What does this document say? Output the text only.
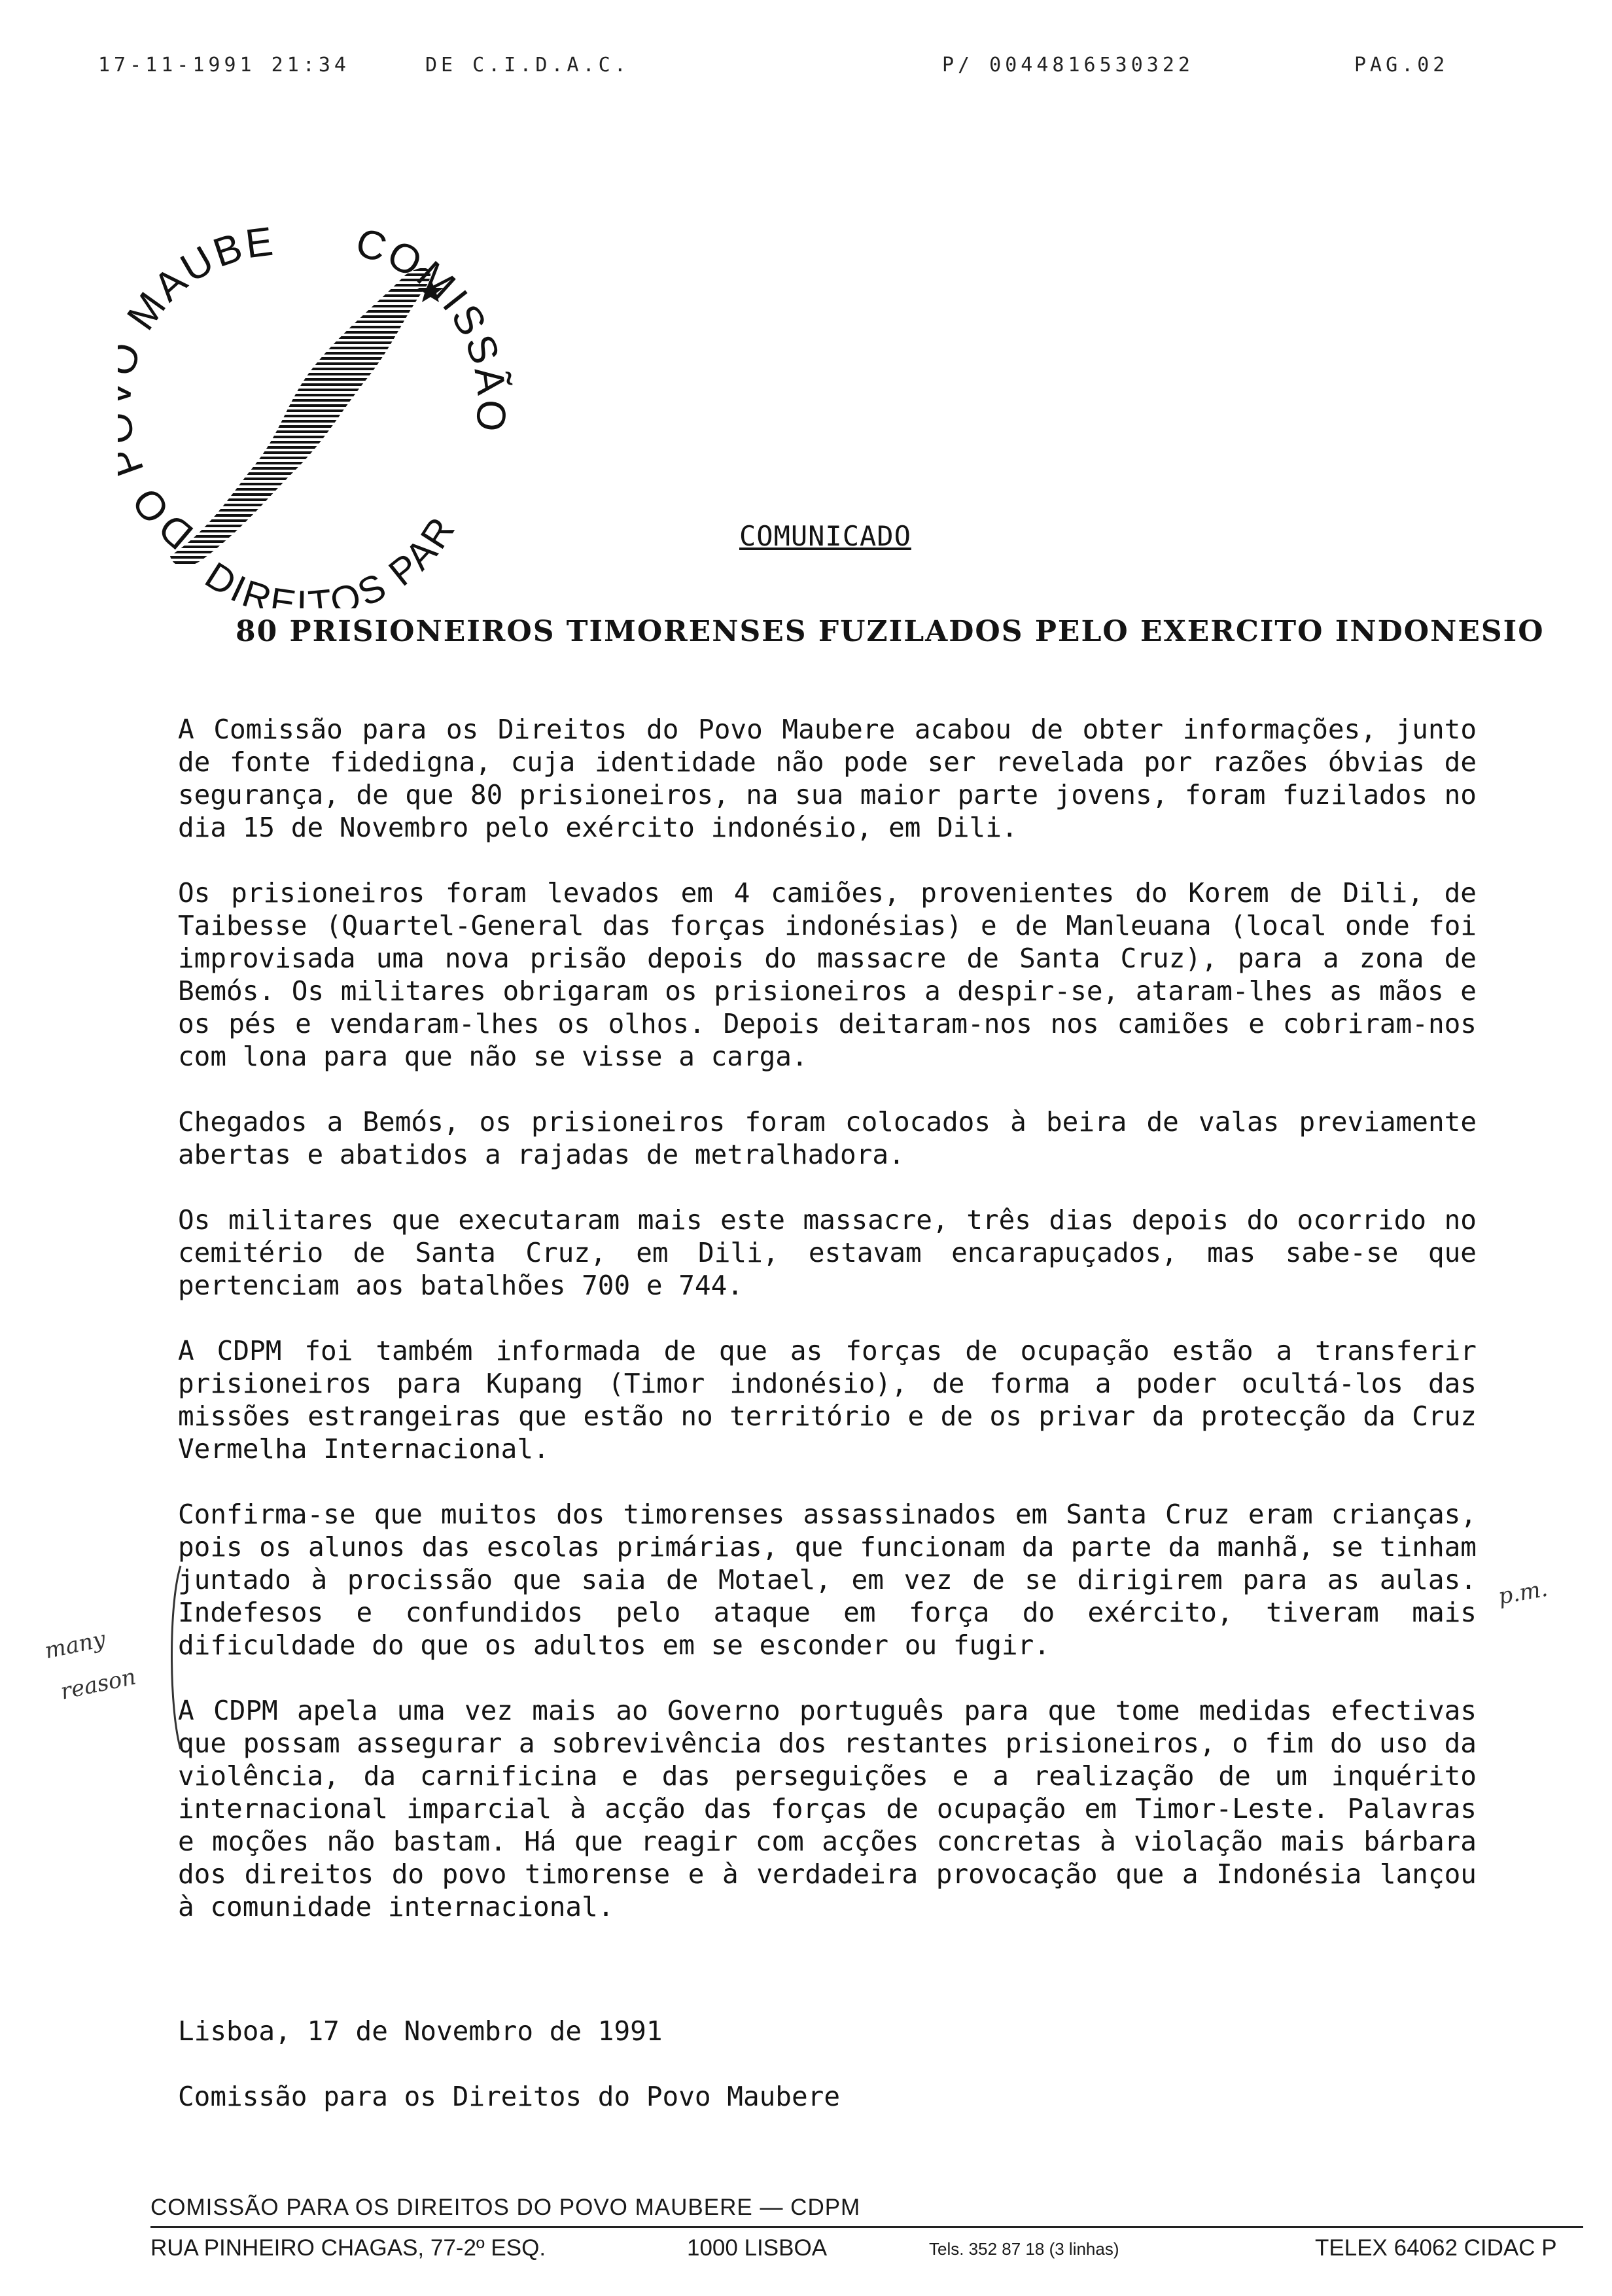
17-11-1991 21:34	DE C.I.D.A.C.	P/ 0044816530322	PAG.02
DO MAUBE COMISSÃO
DIREITOS PAR	COMUNICADO
80 PRISIONEIROS TIMORENSES FUZILADOS PELO EXERCITO INDONESIO

A Comissão para os Direitos do Povo Maubere acabou de obter informações, junto de fonte fidedigna, cuja identidade não pode ser revelada por razões óbvias de segurança, de que 80 prisioneiros, na sua maior parte jovens, foram fuzilados no dia 15 de Novembro pelo exército indonésio, em Dili.

Os prisioneiros foram levados em 4 camiões, provenientes do Korem de Dili, de Taibesse (Quartel-General das forças indonésias) e de Manleuana (local onde foi improvisada uma nova prisão depois do massacre de Santa Cruz), para a zona de Bemós. Os militares obrigaram os prisioneiros a despir-se, ataram-lhes as mãos e os pés e vendaram-lhes os olhos. Depois deitaram-nos nos camiões e cobriram-nos com lona para que não se visse a carga.

Chegados a Bemós, os prisioneiros foram colocados à beira de valas previamente abertas e abatidos a rajadas de metralhadora.

Os militares que executaram mais este massacre, três dias depois do ocorrido no cemitério de Santa Cruz, em Dili, estavam encarapuçados, mas sabe-se que pertenciam aos batalhões 700 e 744.

A CDPM foi também informada de que as forças de ocupação estão a transferir prisioneiros para Kupang (Timor indonésio), de forma a poder ocultá-los das missões estrangeiras que estão no território e de os privar da protecção da Cruz Vermelha Internacional.

Confirma-se que muitos dos timorenses assassinados em Santa Cruz eram crianças, pois os alunos das escolas primárias, que funcionam da parte da manhã, se tinham juntado à procissão que saia de Motael, em vez de se dirigirem para as aulas. Indefesos e confundidos pelo ataque em força do exército, tiveram mais dificuldade do que os adultos em se esconder ou fugir.

A CDPM apela uma vez mais ao Governo português para que tome medidas efectivas que possam assegurar a sobrevivência dos restantes prisioneiros, o fim do uso da violência, da carnificina e das perseguições e a realização de um inquérito internacional imparcial à acção das forças de ocupação em Timor-Leste. Palavras e moções não bastam. Há que reagir com acções concretas à violação mais bárbara dos direitos do povo timorense e à verdadeira provocação que a Indonésia lançou à comunidade internacional.

Lisboa, 17 de Novembro de 1991

Comissão para os Direitos do Povo Maubere

many
reason
p.m.
COMISSÃO PARA OS DIREITOS DO POVO MAUBERE — CDPM
RUA PINHEIRO CHAGAS, 77-2º ESQ.	1000 LISBOA	Tels. 352 87 18 (3 linhas)	TELEX 64062 CIDAC P
